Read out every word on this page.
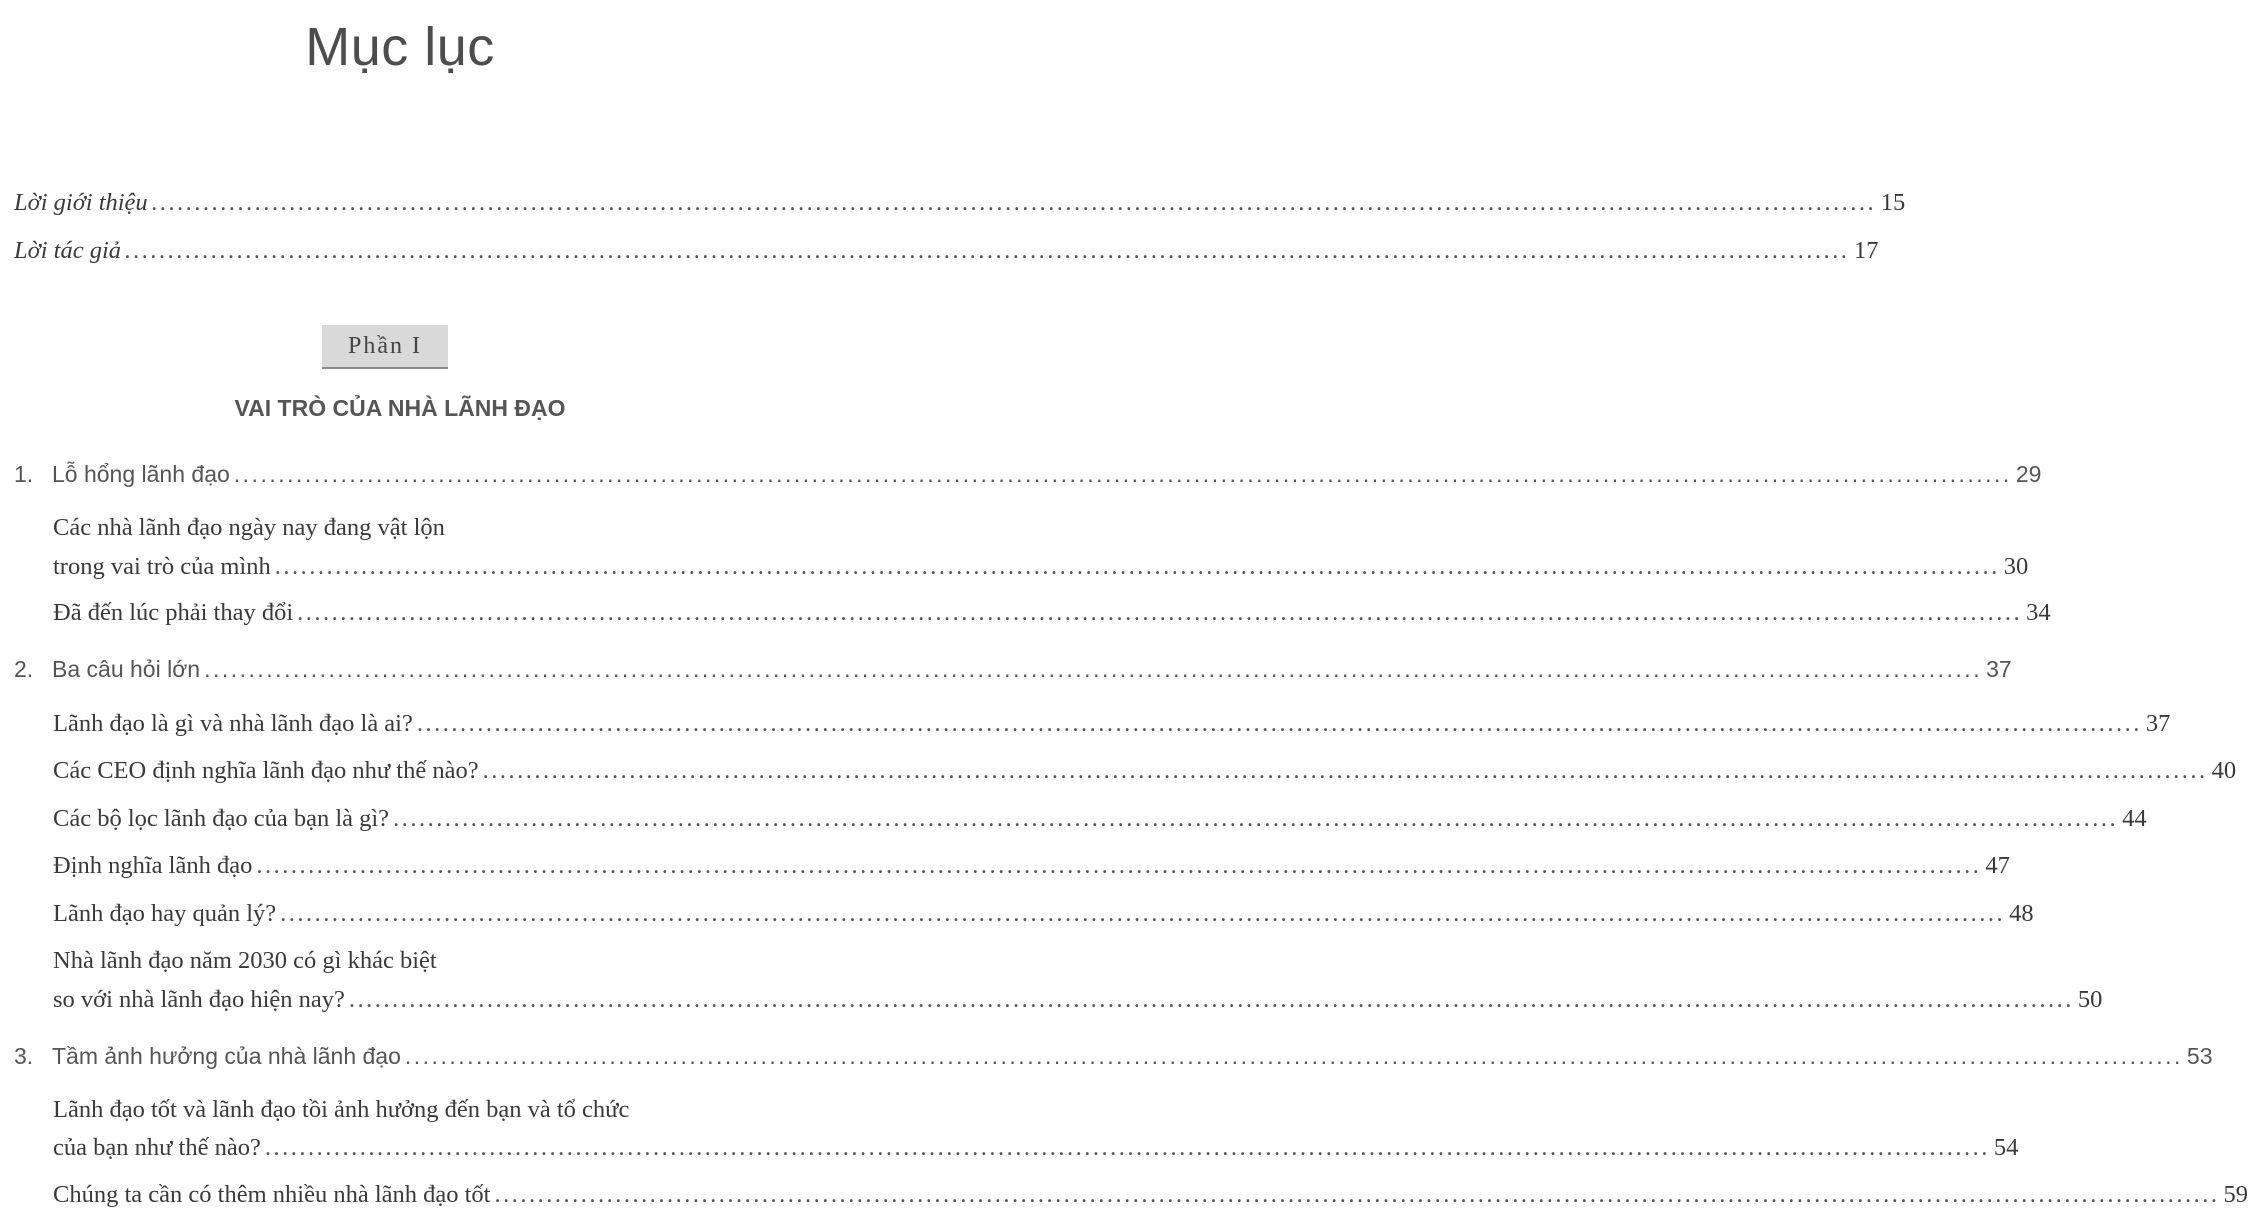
Mục lục
Lời giới thiệu ........................................................................................................................................................................................................ 15
Lời tác giả ........................................................................................................................................................................................................ 17
Phần I
VAI TRÒ CỦA NHÀ LÃNH ĐẠO
1. Lỗ hổng lãnh đạo ........................................................................................................................................................................................................ 29
Các nhà lãnh đạo ngày nay đang vật lộn
trong vai trò của mình ........................................................................................................................................................................................................ 30
Đã đến lúc phải thay đổi ........................................................................................................................................................................................................ 34
2. Ba câu hỏi lớn ........................................................................................................................................................................................................ 37
Lãnh đạo là gì và nhà lãnh đạo là ai? ........................................................................................................................................................................................................ 37
Các CEO định nghĩa lãnh đạo như thế nào? ........................................................................................................................................................................................................ 40
Các bộ lọc lãnh đạo của bạn là gì? ........................................................................................................................................................................................................ 44
Định nghĩa lãnh đạo ........................................................................................................................................................................................................ 47
Lãnh đạo hay quản lý? ........................................................................................................................................................................................................ 48
Nhà lãnh đạo năm 2030 có gì khác biệt
so với nhà lãnh đạo hiện nay? ........................................................................................................................................................................................................ 50
3. Tầm ảnh hưởng của nhà lãnh đạo ........................................................................................................................................................................................................ 53
Lãnh đạo tốt và lãnh đạo tồi ảnh hưởng đến bạn và tổ chức
của bạn như thế nào? ........................................................................................................................................................................................................ 54
Chúng ta cần có thêm nhiều nhà lãnh đạo tốt ........................................................................................................................................................................................................ 59
